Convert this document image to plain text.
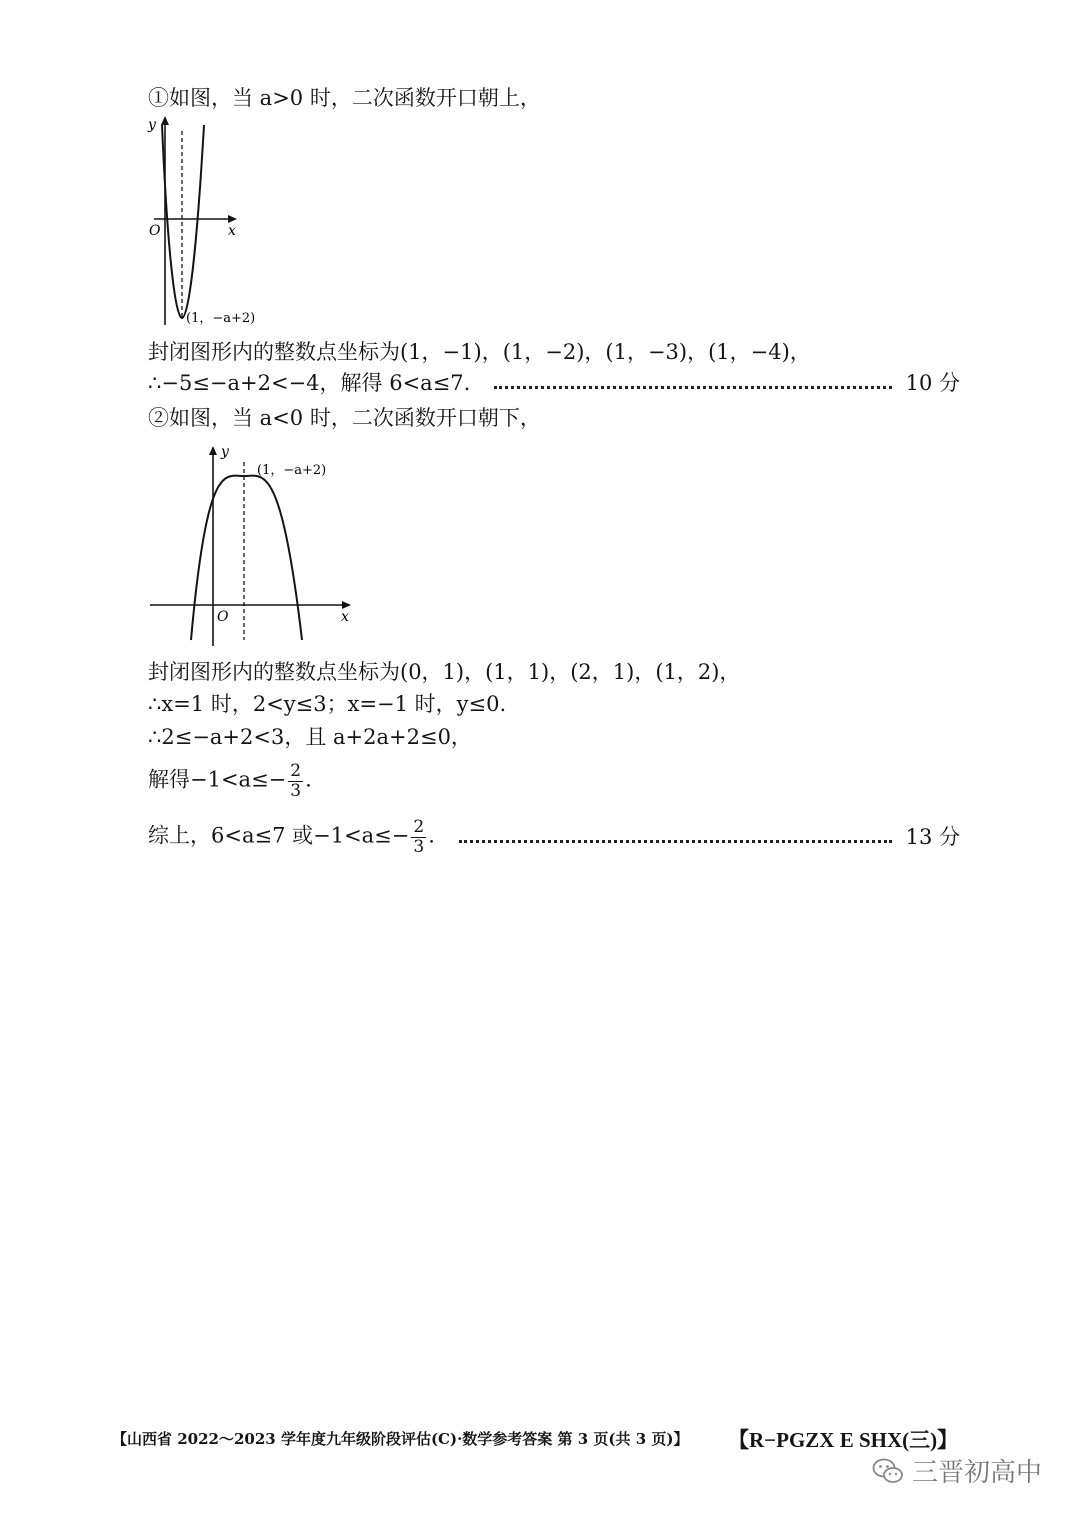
①如图，当 a>0 时，二次函数开口朝上，
y
x
O
(1，−a+2)
封闭图形内的整数点坐标为(1，−1)，(1，−2)，(1，−3)，(1，−4)，
∴−5≤−a+2<−4，解得 6<a≤7.	10 分
②如图，当 a<0 时，二次函数开口朝下，
y
x
O
(1，−a+2)
封闭图形内的整数点坐标为(0，1)，(1，1)，(2，1)，(1，2)，
∴x=1 时，2<y≤3；x=−1 时，y≤0.
∴2≤−a+2<3，且 a+2a+2≤0，
解得$-1<a\le- \frac{2}{3}$ .
综上，6<a≤7 或$-1<a\le- \frac{2}{3}$ .	13 分
【山西省 2022～2023 学年度九年级阶段评估(C)·数学参考答案 第 3 页(共 3 页)】 【R−PGZX E SHX(三)】
三晋初高中
